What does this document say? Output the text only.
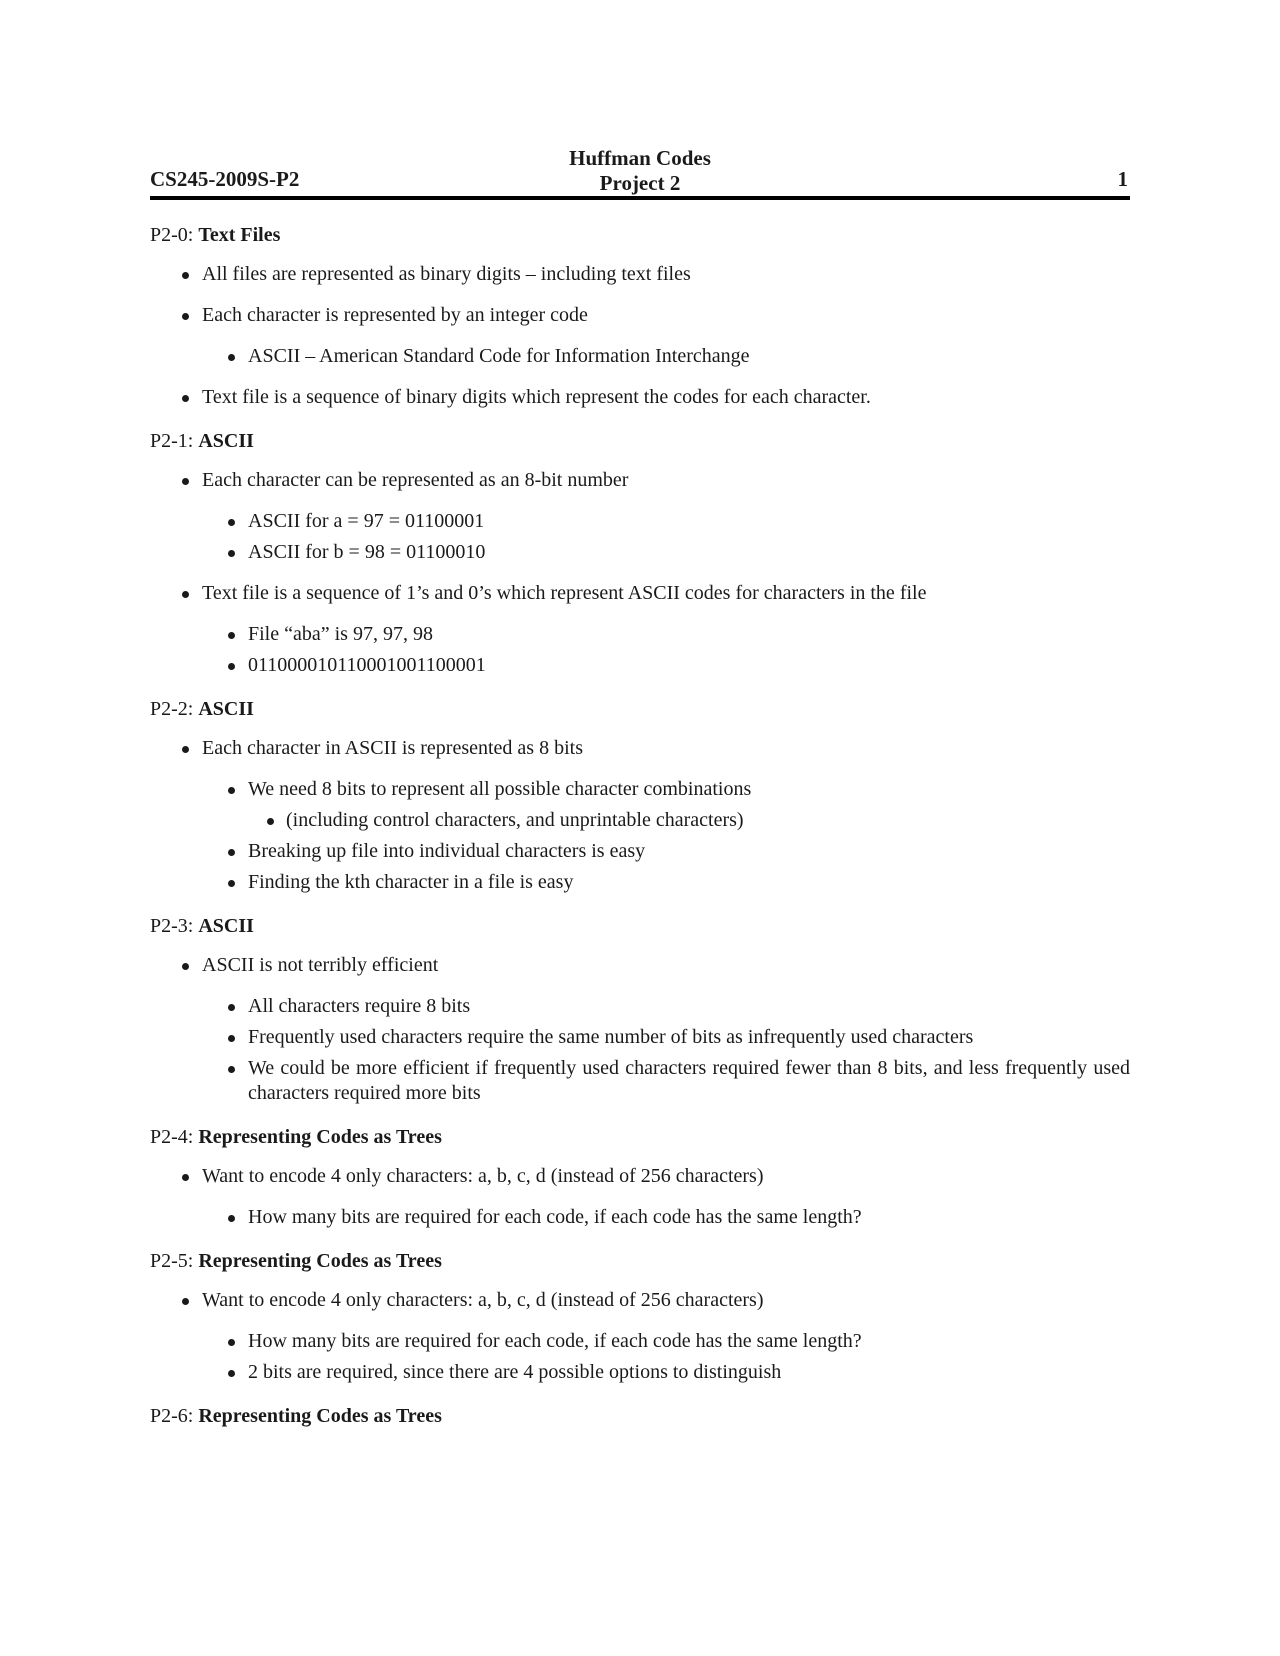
CS245-2009S-P2
Huffman Codes
Project 2	1
P2-0: Text Files
All files are represented as binary digits – including text files
Each character is represented by an integer code
ASCII – American Standard Code for Information Interchange
Text file is a sequence of binary digits which represent the codes for each character.
P2-1: ASCII
Each character can be represented as an 8-bit number
ASCII for a = 97 = 01100001
ASCII for b = 98 = 01100010
Text file is a sequence of 1’s and 0’s which represent ASCII codes for characters in the file
File “aba” is 97, 97, 98
011000010110001001100001
P2-2: ASCII
Each character in ASCII is represented as 8 bits
We need 8 bits to represent all possible character combinations
(including control characters, and unprintable characters)
Breaking up file into individual characters is easy
Finding the kth character in a file is easy
P2-3: ASCII
ASCII is not terribly efficient
All characters require 8 bits
Frequently used characters require the same number of bits as infrequently used characters
We could be more efficient if frequently used characters required fewer than 8 bits, and less frequently used characters required more bits
P2-4: Representing Codes as Trees
Want to encode 4 only characters: a, b, c, d (instead of 256 characters)
How many bits are required for each code, if each code has the same length?
P2-5: Representing Codes as Trees
Want to encode 4 only characters: a, b, c, d (instead of 256 characters)
How many bits are required for each code, if each code has the same length?
2 bits are required, since there are 4 possible options to distinguish
P2-6: Representing Codes as Trees
